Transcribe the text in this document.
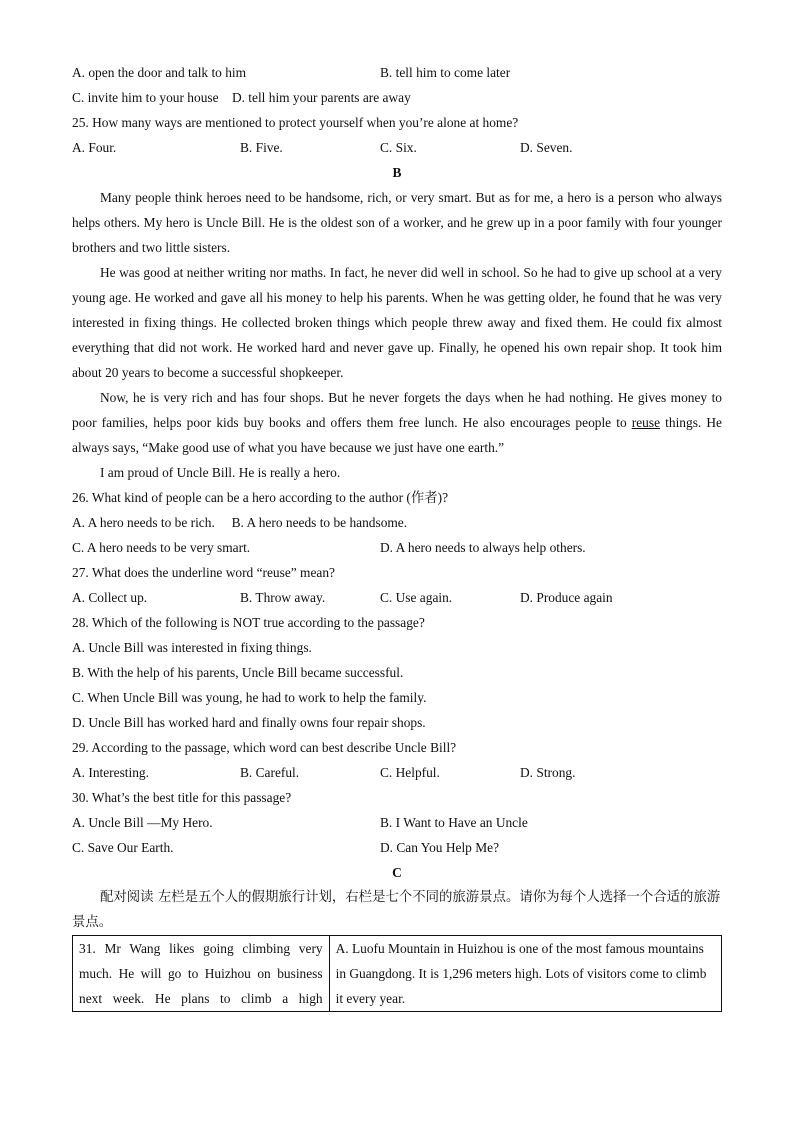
A. open the door and talk to him	B. tell him to come later
C. invite him to your house D. tell him your parents are away
25. How many ways are mentioned to protect yourself when you’re alone at home?
A. Four.	B. Five.	C. Six.	D. Seven.
B

Many people think heroes need to be handsome, rich, or very smart. But as for me, a hero is a person who always helps others. My hero is Uncle Bill. He is the oldest son of a worker, and he grew up in a poor family with four younger brothers and two little sisters.

He was good at neither writing nor maths. In fact, he never did well in school. So he had to give up school at a very young age. He worked and gave all his money to help his parents. When he was getting older, he found that he was very interested in fixing things. He collected broken things which people threw away and fixed them. He could fix almost everything that did not work. He worked hard and never gave up. Finally, he opened his own repair shop. It took him about 20 years to become a successful shopkeeper.

Now, he is very rich and has four shops. But he never forgets the days when he had nothing. He gives money to poor families, helps poor kids buy books and offers them free lunch. He also encourages people to reuse things. He always says, “Make good use of what you have because we just have one earth.”

I am proud of Uncle Bill. He is really a hero.

26. What kind of people can be a hero according to the author (作者)?
A. A hero needs to be rich. B. A hero needs to be handsome.
C. A hero needs to be very smart.	D. A hero needs to always help others.
27. What does the underline word “reuse” mean?
A. Collect up.	B. Throw away.	C. Use again.	D. Produce again
28. Which of the following is NOT true according to the passage?
A. Uncle Bill was interested in fixing things.
B. With the help of his parents, Uncle Bill became successful.
C. When Uncle Bill was young, he had to work to help the family.
D. Uncle Bill has worked hard and finally owns four repair shops.
29. According to the passage, which word can best describe Uncle Bill?
A. Interesting.	B. Careful.	C. Helpful.	D. Strong.
30. What’s the best title for this passage?
A. Uncle Bill —My Hero.	B. I Want to Have an Uncle
C. Save Our Earth.	D. Can You Help Me?
C

配对阅读 左栏是五个人的假期旅行计划，右栏是七个不同的旅游景点。请你为每个人选择一个合适的旅游景点。

31. Mr Wang likes going climbing very much. He will go to Huizhou on business next week. He plans to climb a high	A. Luofu Mountain in Huizhou is one of the most famous mountains in Guangdong. It is 1,296 meters high. Lots of visitors come to climb it every year.
